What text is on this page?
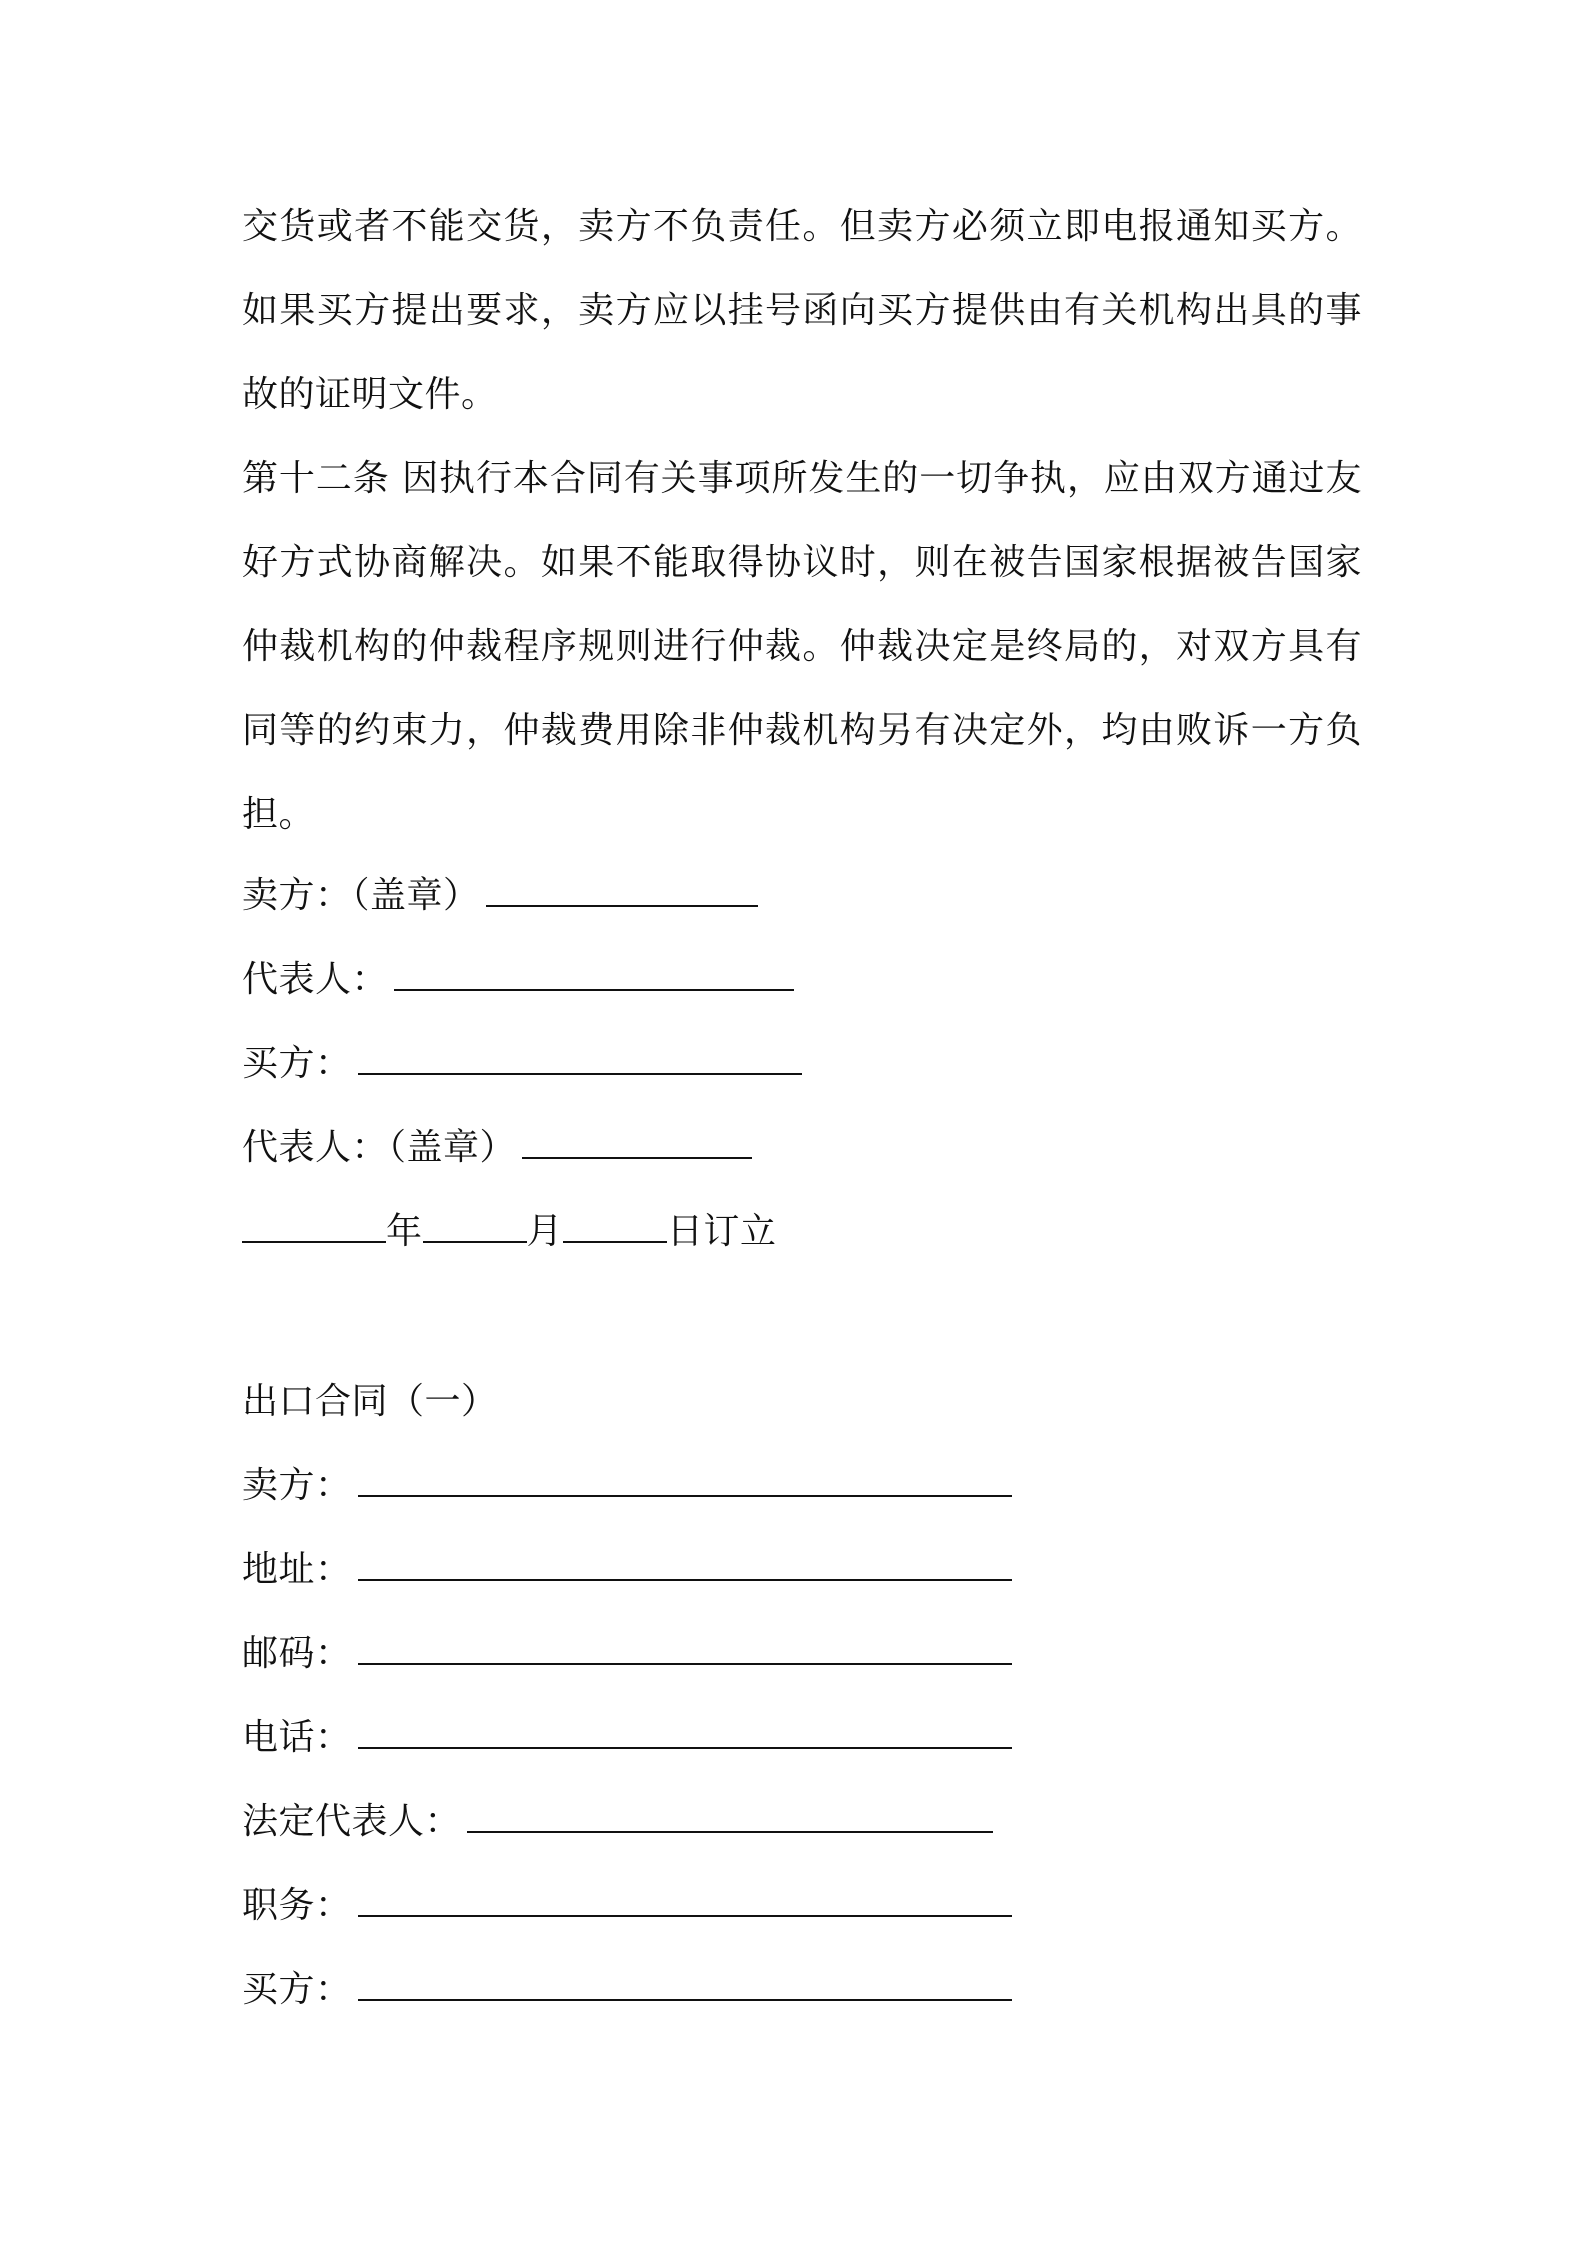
交货或者不能交货，卖方不负责任。但卖方必须立即电报通知买方。如果买方提出要求，卖方应以挂号函向买方提供由有关机构出具的事故的证明文件。

第十二条 因执行本合同有关事项所发生的一切争执，应由双方通过友好方式协商解决。如果不能取得协议时，则在被告国家根据被告国家仲裁机构的仲裁程序规则进行仲裁。仲裁决定是终局的，对双方具有同等的约束力，仲裁费用除非仲裁机构另有决定外，均由败诉一方负担。

卖方：（盖章）
代表人：
买方：
代表人：（盖章）
年	月	日订立
出口合同（一）
卖方：
地址：
邮码：
电话：
法定代表人：
职务：
买方：
